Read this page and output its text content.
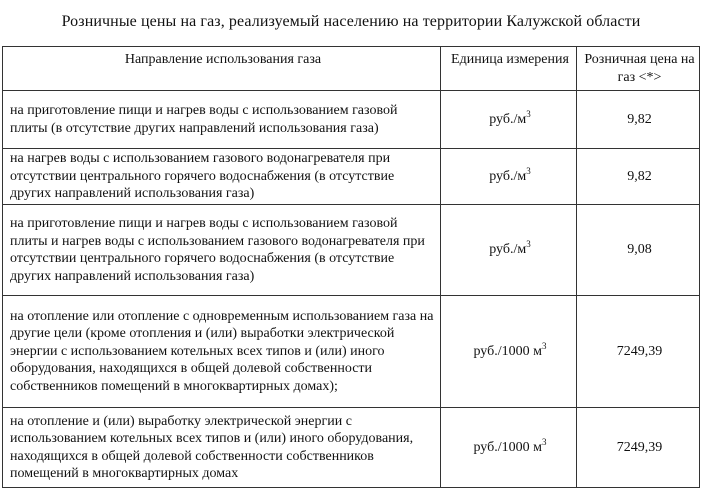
Розничные цены на газ, реализуемый населению на территории Калужской области
Направление использования газа	Единица измерения	Розничная цена на газ <*>
на приготовление пищи и нагрев воды с использованием газовой плиты (в отсутствие других направлений использования газа)	$руб./м^3$	9,82
на нагрев воды с использованием газового водонагревателя при отсутствии центрального горячего водоснабжения (в отсутствие других направлений использования газа)	$руб./м^3$	9,82
на приготовление пищи и нагрев воды с использованием газовой плиты и нагрев воды с использованием газового водонагревателя при отсутствии центрального горячего водоснабжения (в отсутствие других направлений использования газа)	$руб./м^3$	9,08
на отопление или отопление с одновременным использованием газа на другие цели (кроме отопления и (или) выработки электрической энергии с использованием котельных всех типов и (или) иного оборудования, находящихся в общей долевой собственности собственников помещений в многоквартирных домах);	руб./1000 $м^3$	7249,39
на отопление и (или) выработку электрической энергии с использованием котельных всех типов и (или) иного оборудования, находящихся в общей долевой собственности собственников помещений в многоквартирных домах	руб./1000 $м^3$	7249,39
